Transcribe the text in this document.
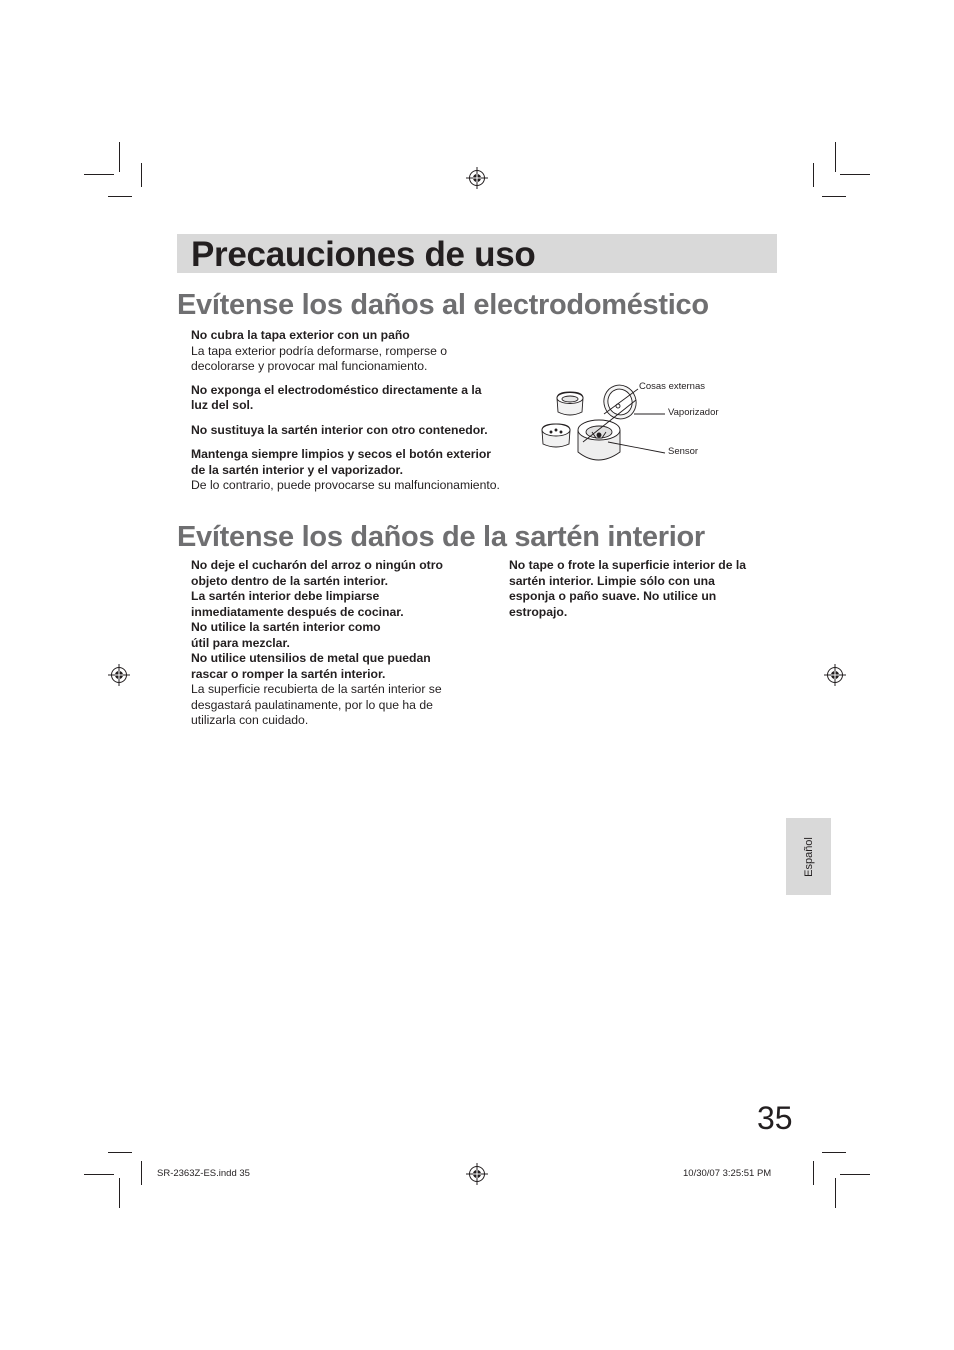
Precauciones de uso
Evítense los daños al electrodoméstico

No cubra la tapa exterior con un paño

La tapa exterior podría deformarse, romperse o

decolorarse y provocar mal funcionamiento.

No exponga el electrodoméstico directamente a la

luz del sol.

No sustituya la sartén interior con otro contenedor.

Mantenga siempre limpios y secos el botón exterior

de la sartén interior y el vaporizador.

De lo contrario, puede provocarse su malfuncionamiento.

Cosas externas
Vaporizador
Sensor
Evítense los daños de la sartén interior

No deje el cucharón del arroz o ningún otro

objeto dentro de la sartén interior.

La sartén interior debe limpiarse

inmediatamente después de cocinar.

No utilice la sartén interior como

útil para mezclar.

No utilice utensilios de metal que puedan

rascar o romper la sartén interior.

La superficie recubierta de la sartén interior se

desgastará paulatinamente, por lo que ha de

utilizarla con cuidado.

No tape o frote la superficie interior de la

sartén interior. Limpie sólo con una

esponja o paño suave. No utilice un

estropajo.

Español
35
SR-2363Z-ES.indd 35	10/30/07 3:25:51 PM
